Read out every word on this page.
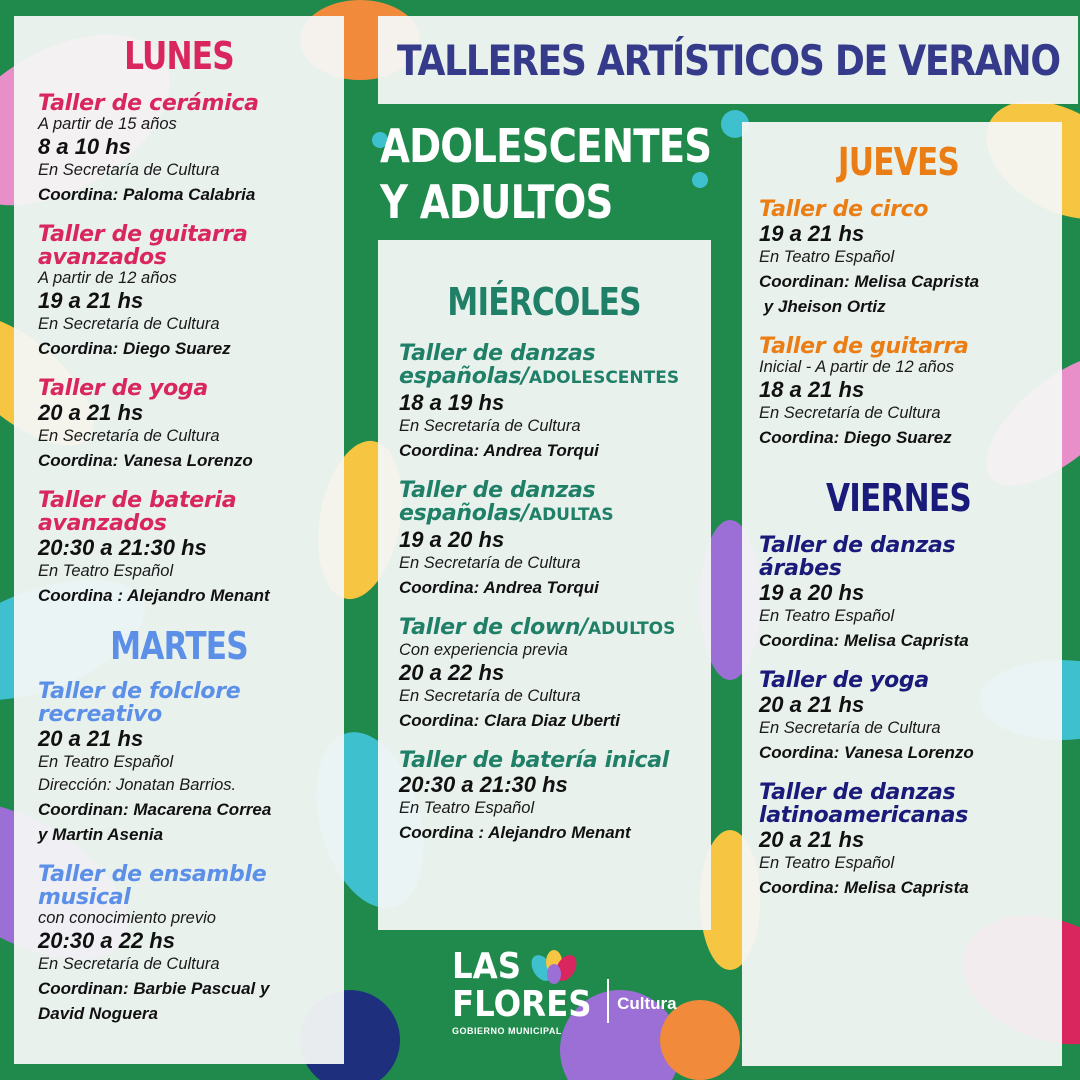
TALLERES ARTÍSTICOS DE VERANO
ADOLESCENTES
Y ADULTOS
LUNES
Taller de cerámica
A partir de 15 años
8 a 10 hs
En Secretaría de Cultura
Coordina: Paloma Calabria
Taller de guitarra
avanzados
A partir de 12 años
19 a 21 hs
En Secretaría de Cultura
Coordina: Diego Suarez
Taller de yoga
20 a 21 hs
En Secretaría de Cultura
Coordina: Vanesa Lorenzo
Taller de bateria
avanzados
20:30 a 21:30 hs
En Teatro Español
Coordina : Alejandro Menant
MARTES
Taller de folclore
recreativo
20 a 21 hs
En Teatro Español
Dirección: Jonatan Barrios.
Coordinan: Macarena Correa
y Martin Asenia
Taller de ensamble
musical
con conocimiento previo
20:30 a 22 hs
En Secretaría de Cultura
Coordinan: Barbie Pascual y
David Noguera
MIÉRCOLES
Taller de danzas
españolas/ADOLESCENTES
18 a 19 hs
En Secretaría de Cultura
Coordina: Andrea Torqui
Taller de danzas
españolas/ADULTAS
19 a 20 hs
En Secretaría de Cultura
Coordina: Andrea Torqui
Taller de clown/ADULTOS
Con experiencia previa
20 a 22 hs
En Secretaría de Cultura
Coordina: Clara Diaz Uberti
Taller de batería inical
20:30 a 21:30 hs
En Teatro Español
Coordina : Alejandro Menant
JUEVES
Taller de circo
19 a 21 hs
En Teatro Español
Coordinan: Melisa Caprista
y Jheison Ortiz
Taller de guitarra
Inicial - A partir de 12 años
18 a 21 hs
En Secretaría de Cultura
Coordina: Diego Suarez
VIERNES
Taller de danzas
árabes
19 a 20 hs
En Teatro Español
Coordina: Melisa Caprista
Taller de yoga
20 a 21 hs
En Secretaría de Cultura
Coordina: Vanesa Lorenzo
Taller de danzas
latinoamericanas
20 a 21 hs
En Teatro Español
Coordina: Melisa Caprista
LAS
FLORES
GOBIERNO MUNICIPAL
Cultura
